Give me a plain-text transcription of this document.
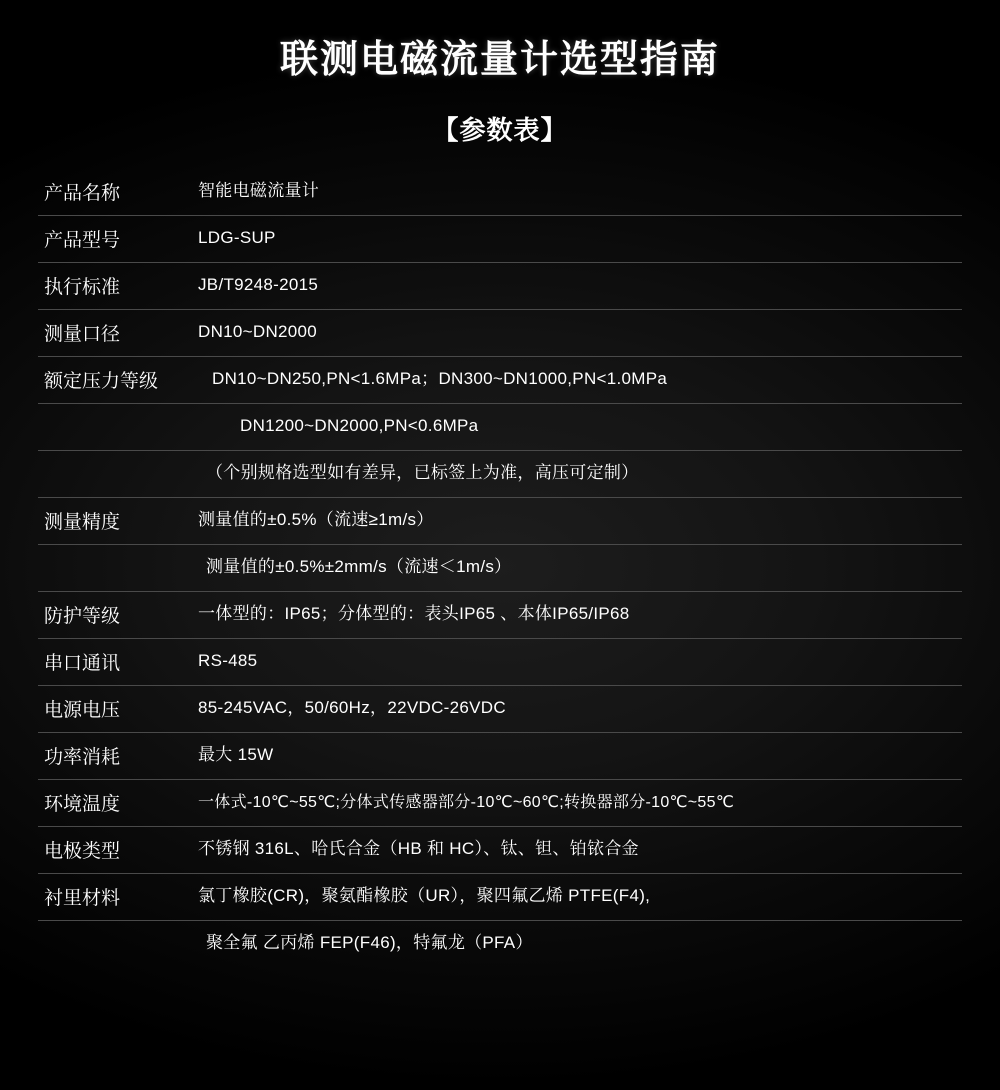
联测电磁流量计选型指南
【参数表】
产品名称	智能电磁流量计
产品型号	LDG-SUP
执行标准	JB/T9248-2015
测量口径	DN10~DN2000
额定压力等级	DN10~DN250,PN<1.6MPa；DN300~DN1000,PN<1.0MPa
DN1200~DN2000,PN<0.6MPa
（个别规格选型如有差异，已标签上为准，高压可定制）
测量精度	测量值的±0.5%（流速≥1m/s）
测量值的±0.5%±2mm/s（流速＜1m/s）
防护等级	一体型的：IP65；分体型的：表头IP65 、本体IP65/IP68
串口通讯	RS-485
电源电压	85-245VAC，50/60Hz，22VDC-26VDC
功率消耗	最大 15W
环境温度	一体式-10℃~55℃;分体式传感器部分-10℃~60℃;转换器部分-10℃~55℃
电极类型	不锈钢 316L、哈氏合金（HB 和 HC）、钛、钽、铂铱合金
衬里材料	氯丁橡胶(CR)，聚氨酯橡胶（UR），聚四氟乙烯 PTFE(F4),
聚全氟 乙丙烯 FEP(F46)，特氟龙（PFA）
